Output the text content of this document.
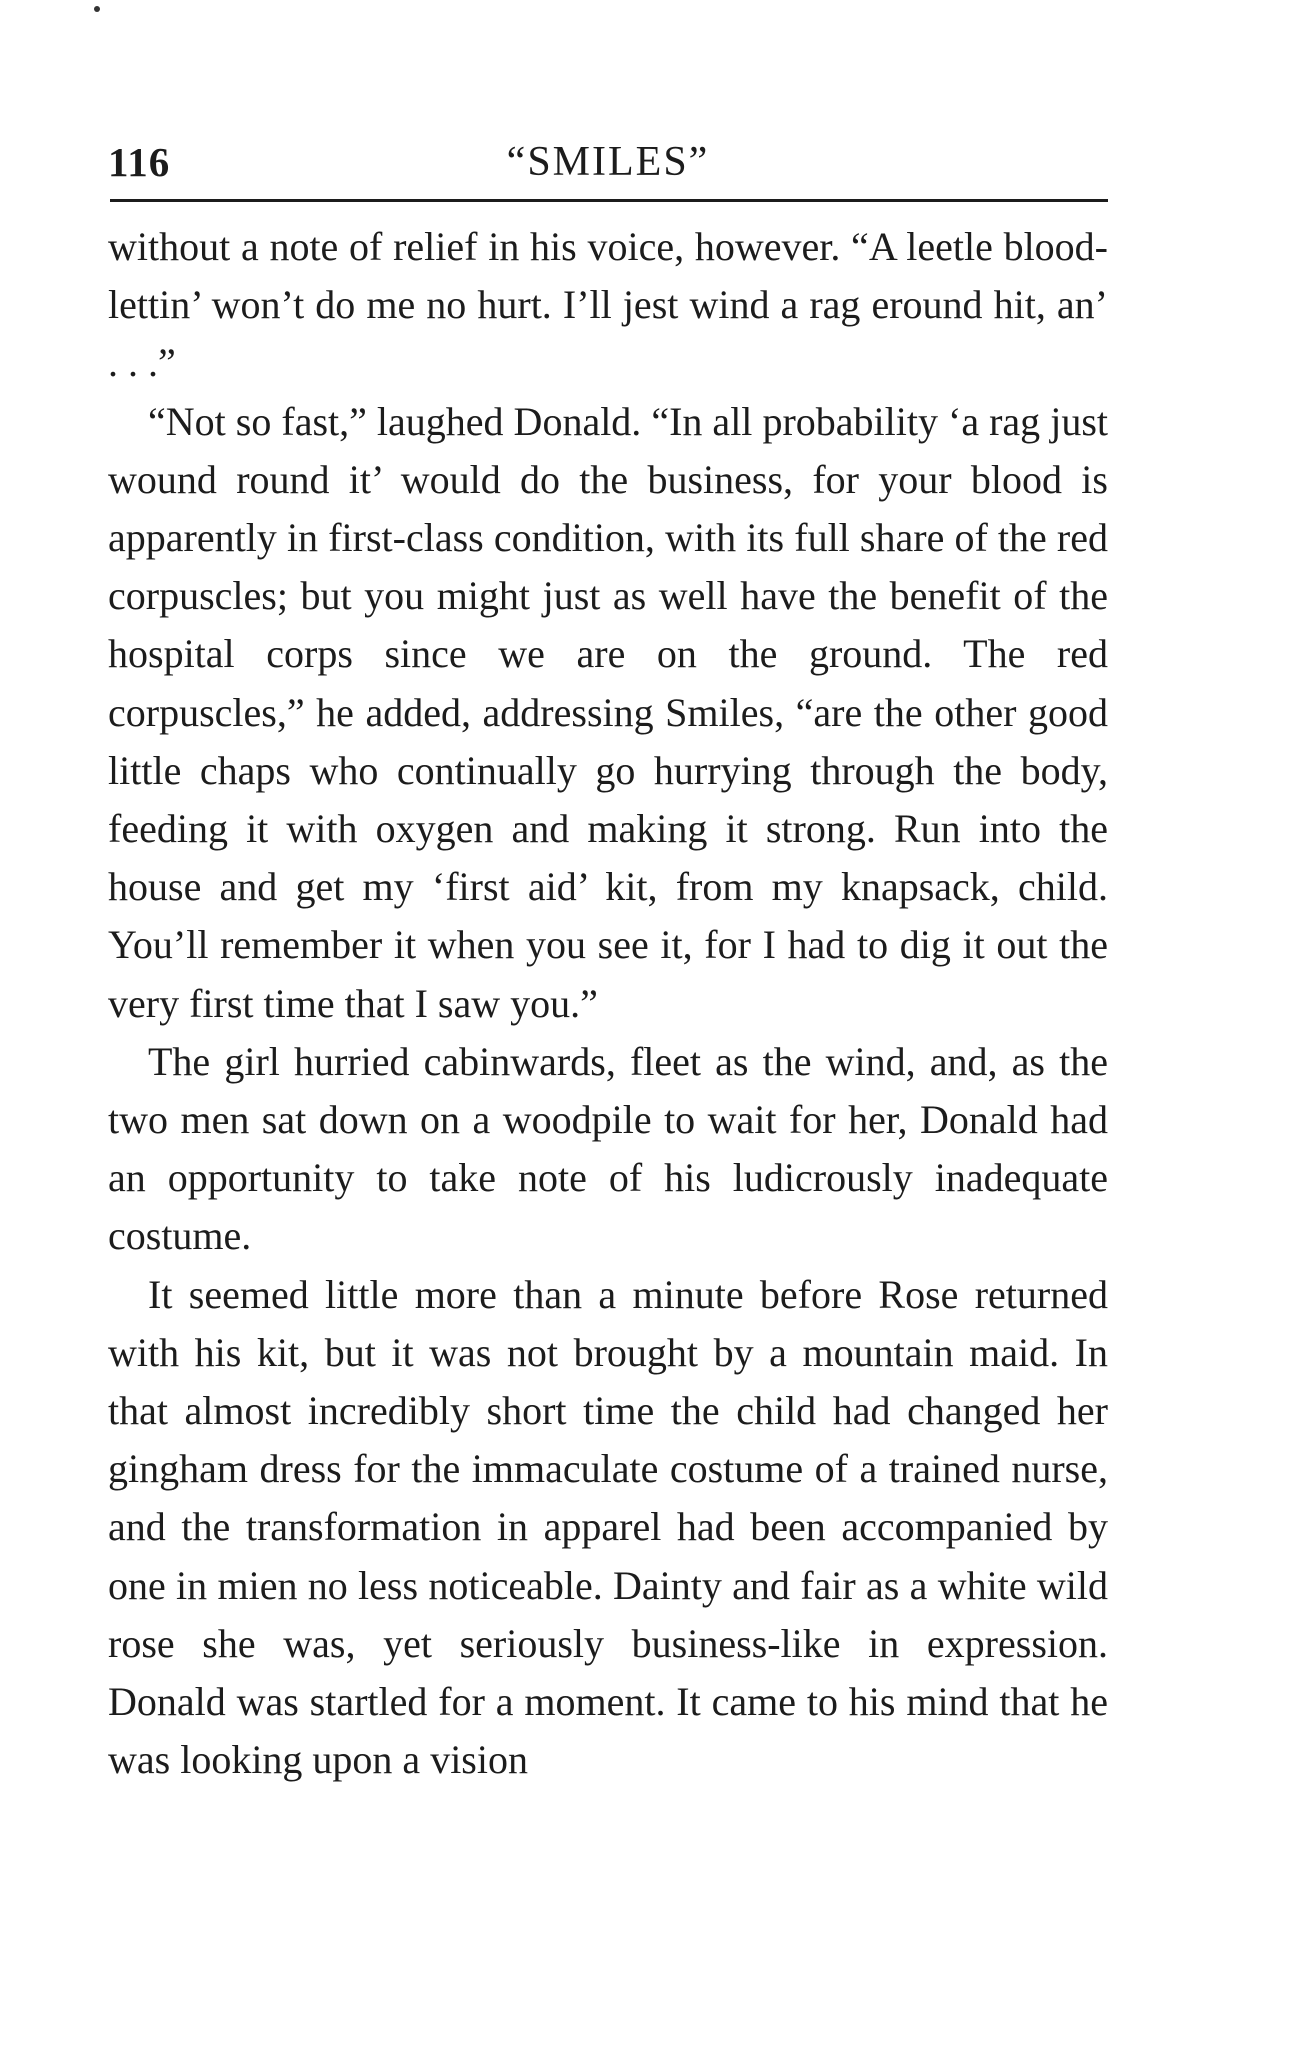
116	“SMILES”

without a note of relief in his voice, however. “A leetle blood-lettin’ won’t do me no hurt. I’ll jest wind a rag eround hit, an’ . . .”

“Not so fast,” laughed Donald. “In all probability ‘a rag just wound round it’ would do the business, for your blood is apparently in first-class condition, with its full share of the red corpuscles; but you might just as well have the benefit of the hospital corps since we are on the ground. The red corpuscles,” he added, addressing Smiles, “are the other good little chaps who continually go hurrying through the body, feeding it with oxygen and making it strong. Run into the house and get my ‘first aid’ kit, from my knapsack, child. You’ll remember it when you see it, for I had to dig it out the very first time that I saw you.”

The girl hurried cabinwards, fleet as the wind, and, as the two men sat down on a woodpile to wait for her, Donald had an opportunity to take note of his ludicrously inadequate costume.

It seemed little more than a minute before Rose returned with his kit, but it was not brought by a mountain maid. In that almost incredibly short time the child had changed her gingham dress for the immaculate costume of a trained nurse, and the transformation in apparel had been accompanied by one in mien no less noticeable. Dainty and fair as a white wild rose she was, yet seriously business-like in expression. Donald was startled for a moment. It came to his mind that he was looking upon a vision
